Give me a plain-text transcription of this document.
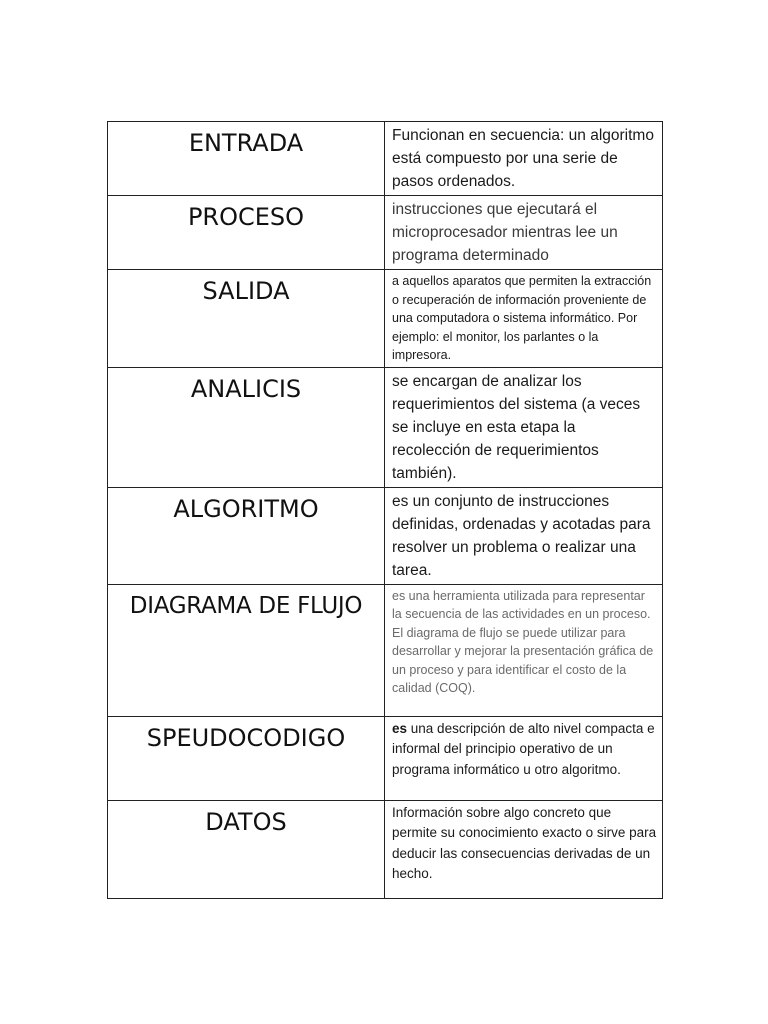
ENTRADA	Funcionan en secuencia: un algoritmo está compuesto por una serie de pasos ordenados.

PROCESO	instrucciones que ejecutará el microprocesador mientras lee un programa determinado

SALIDA	a aquellos aparatos que permiten la extracción o recuperación de información proveniente de una computadora o sistema informático. Por ejemplo: el monitor, los parlantes o la impresora.

ANALICIS	se encargan de analizar los requerimientos del sistema (a veces se incluye en esta etapa la recolección de requerimientos también).

ALGORITMO	es un conjunto de instrucciones definidas, ordenadas y acotadas para resolver un problema o realizar una tarea.

DIAGRAMA DE FLUJO	es una herramienta utilizada para representar la secuencia de las actividades en un proceso. El diagrama de flujo se puede utilizar para desarrollar y mejorar la presentación gráfica de un proceso y para identificar el costo de la calidad (COQ).

SPEUDOCODIGO	es una descripción de alto nivel compacta e informal del principio operativo de un programa informático u otro algoritmo.

DATOS	Información sobre algo concreto que permite su conocimiento exacto o sirve para deducir las consecuencias derivadas de un hecho.
